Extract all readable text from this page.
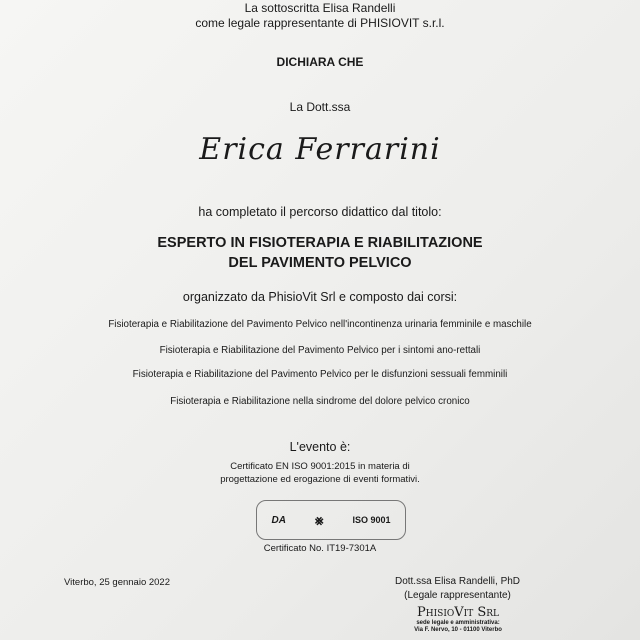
La sottoscritta Elisa Randelli
come legale rappresentante di PHISIOVIT s.r.l.
DICHIARA CHE
La Dott.ssa
Erica Ferrarini
ha completato il percorso didattico dal titolo:
ESPERTO IN FISIOTERAPIA E RIABILITAZIONE
DEL PAVIMENTO PELVICO
organizzato da PhisioVit Srl e composto dai corsi:
Fisioterapia e Riabilitazione del Pavimento Pelvico nell'incontinenza urinaria femminile e maschile
Fisioterapia e Riabilitazione del Pavimento Pelvico per i sintomi ano-rettali
Fisioterapia e Riabilitazione del Pavimento Pelvico per le disfunzioni sessuali femminili
Fisioterapia e Riabilitazione nella sindrome del dolore pelvico cronico
L'evento è:
Certificato EN ISO 9001:2015 in materia di
progettazione ed erogazione di eventi formativi.
DA ⨳	ISO 9001
Certificato No. IT19-7301A
Viterbo, 25 gennaio 2022	Dott.ssa Elisa Randelli, PhD
(Legale rappresentante)
PhisioVit Srl
sede legale e amministrativa:
Via F. Nervo, 10 - 01100 Viterbo
